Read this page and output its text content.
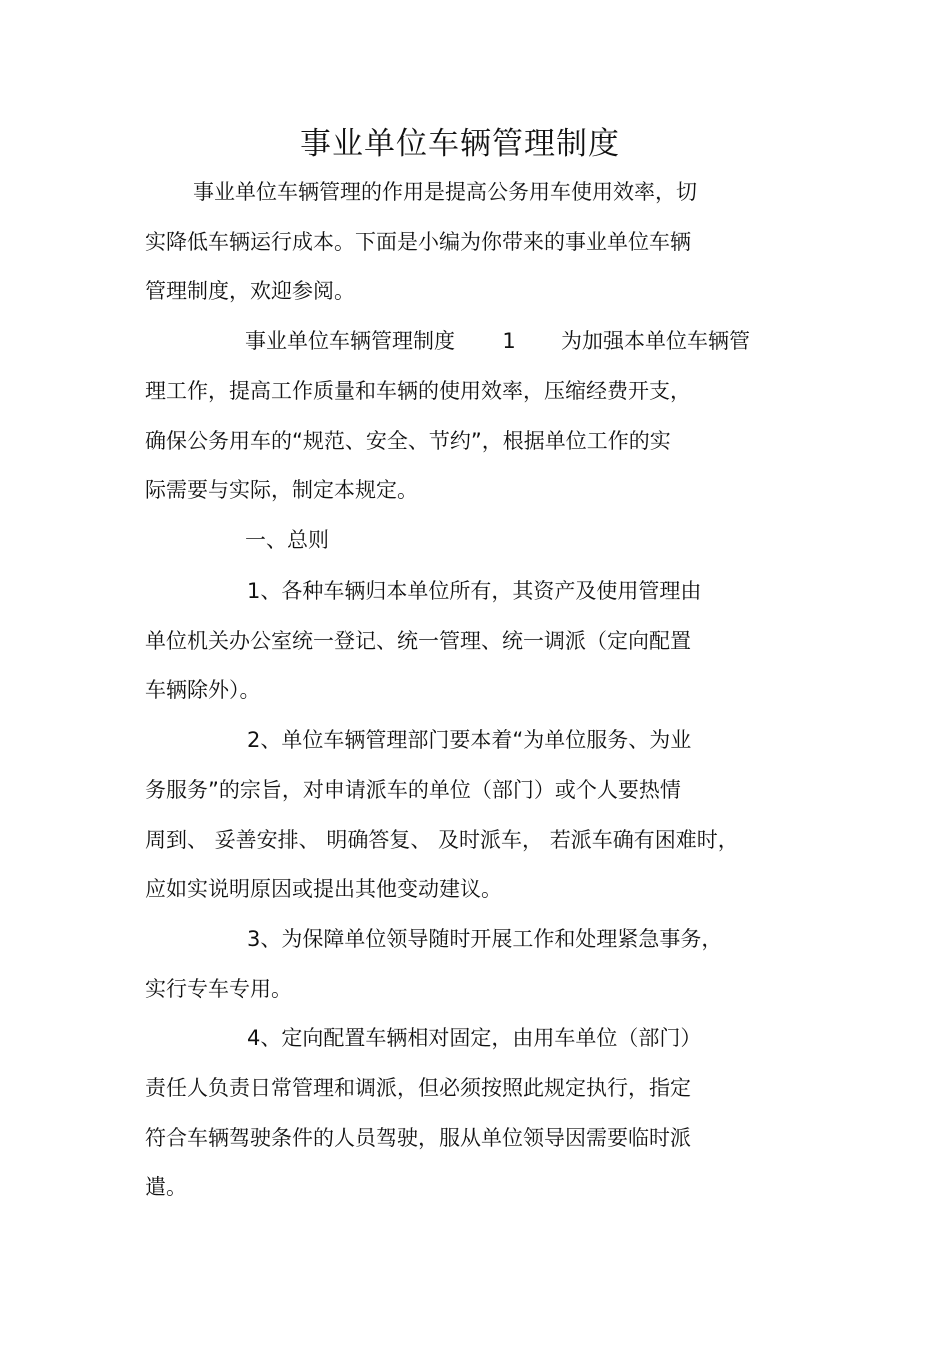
事业单位车辆管理制度
事业单位车辆管理的作用是提高公务用车使用效率，切
实降低车辆运行成本。下面是小编为你带来的事业单位车辆
管理制度，欢迎参阅。
事业单位车辆管理制度 1 为加强本单位车辆管
理工作，提高工作质量和车辆的使用效率，压缩经费开支，
确保公务用车的“规范、安全、节约”，根据单位工作的实
际需要与实际，制定本规定。
一、总则
1、各种车辆归本单位所有，其资产及使用管理由
单位机关办公室统一登记、统一管理、统一调派（定向配置
车辆除外）。
2、单位车辆管理部门要本着“为单位服务、为业
务服务”的宗旨，对申请派车的单位（部门）或个人要热情
周到、 妥善安排、 明确答复、 及时派车， 若派车确有困难时，
应如实说明原因或提出其他变动建议。
3、为保障单位领导随时开展工作和处理紧急事务，
实行专车专用。
4、定向配置车辆相对固定，由用车单位（部门）
责任人负责日常管理和调派，但必须按照此规定执行，指定
符合车辆驾驶条件的人员驾驶，服从单位领导因需要临时派
遣。
